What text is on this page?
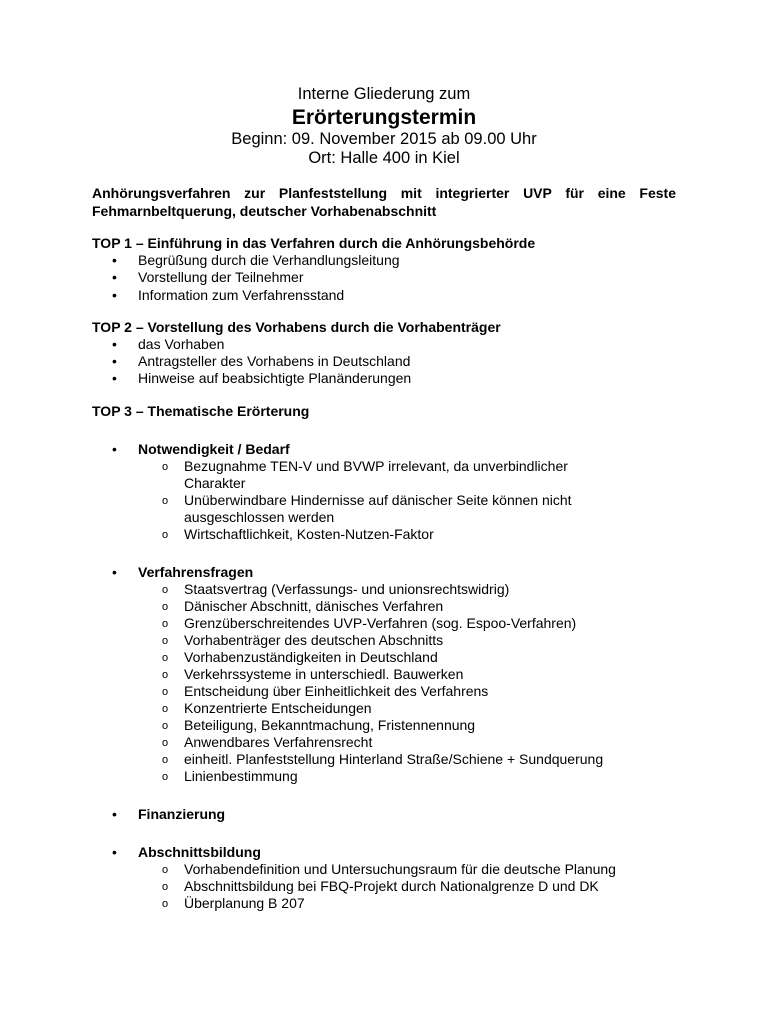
Interne Gliederung zum
Erörterungstermin
Beginn: 09. November 2015 ab 09.00 Uhr
Ort: Halle 400 in Kiel
Anhörungsverfahren zur Planfeststellung mit integrierter UVP für eine Feste Fehmarnbeltquerung, deutscher Vorhabenabschnitt
TOP 1 – Einführung in das Verfahren durch die Anhörungsbehörde
• Begrüßung durch die Verhandlungsleitung
• Vorstellung der Teilnehmer
• Information zum Verfahrensstand
TOP 2 – Vorstellung des Vorhabens durch die Vorhabenträger
• das Vorhaben
• Antragsteller des Vorhabens in Deutschland
• Hinweise auf beabsichtigte Planänderungen
TOP 3 – Thematische Erörterung
• Notwendigkeit / Bedarf
o Bezugnahme TEN-V und BVWP irrelevant, da unverbindlicher Charakter
o Unüberwindbare Hindernisse auf dänischer Seite können nicht ausgeschlossen werden
o Wirtschaftlichkeit, Kosten-Nutzen-Faktor
• Verfahrensfragen
o Staatsvertrag (Verfassungs- und unionsrechtswidrig)
o Dänischer Abschnitt, dänisches Verfahren
o Grenzüberschreitendes UVP-Verfahren (sog. Espoo-Verfahren)
o Vorhabenträger des deutschen Abschnitts
o Vorhabenzuständigkeiten in Deutschland
o Verkehrssysteme in unterschiedl. Bauwerken
o Entscheidung über Einheitlichkeit des Verfahrens
o Konzentrierte Entscheidungen
o Beteiligung, Bekanntmachung, Fristennennung
o Anwendbares Verfahrensrecht
o einheitl. Planfeststellung Hinterland Straße/Schiene + Sundquerung
o Linienbestimmung
• Finanzierung
• Abschnittsbildung
o Vorhabendefinition und Untersuchungsraum für die deutsche Planung
o Abschnittsbildung bei FBQ-Projekt durch Nationalgrenze D und DK
o Überplanung B 207
